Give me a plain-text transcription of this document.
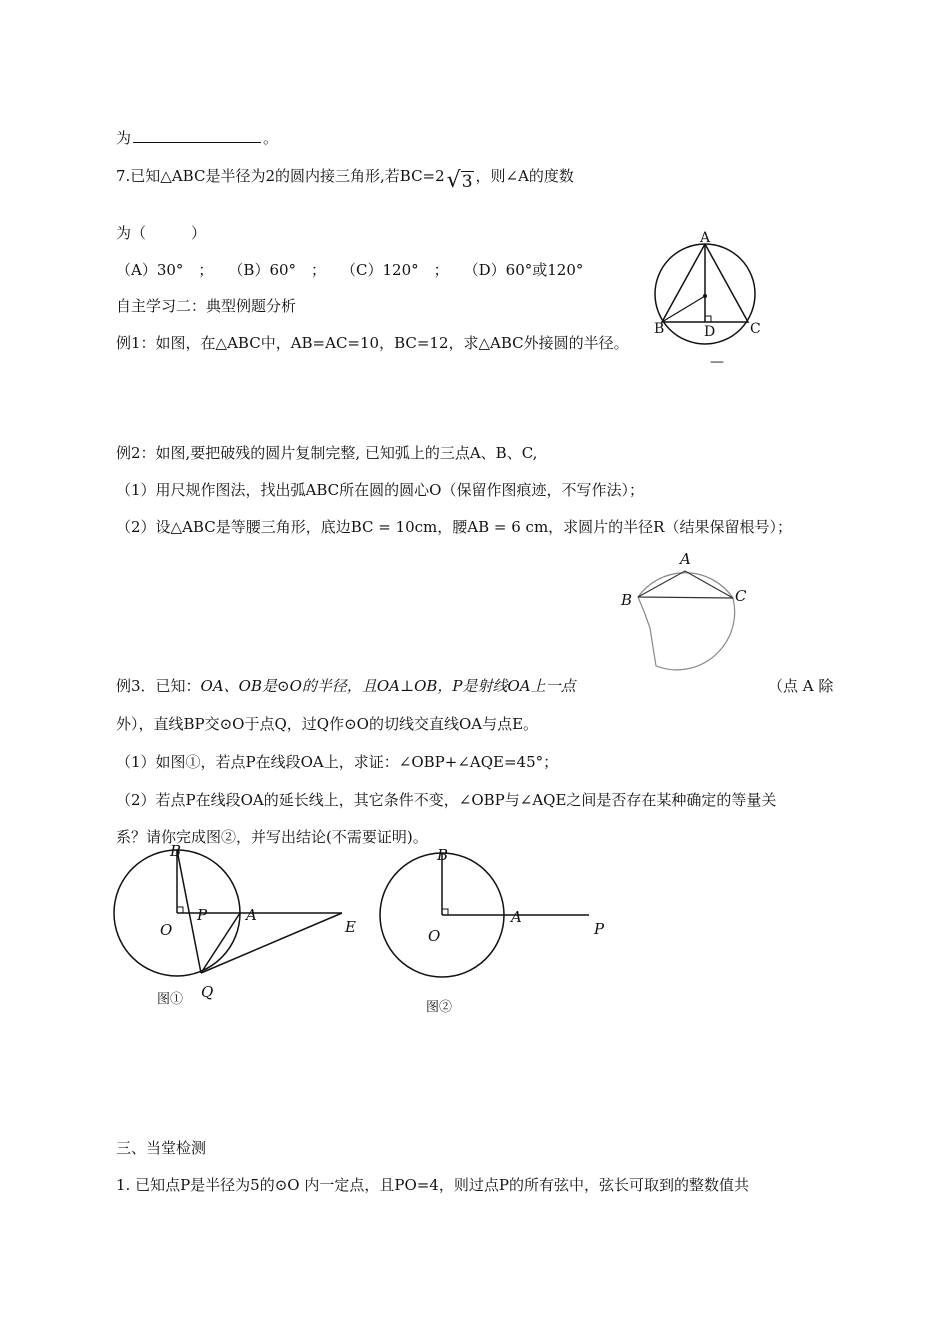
为	。
7.已知△ABC是半径为2的圆内接三角形,若BC=2√3 ，则∠A的度数
为（　　　）
（A）30°　；　　（B）60°　；　　（C）120°　；　　（D）60°或120°
自主学习二：典型例题分析
例1：如图，在△ABC中，AB=AC=10，BC=12，求△ABC外接圆的半径。
A
B	C
D
—
例2：如图,要把破残的圆片复制完整, 已知弧上的三点A、B、C,
（1）用尺规作图法，找出弧ABC所在圆的圆心O（保留作图痕迹，不写作法）；
（2）设△ABC是等腰三角形，底边BC = 10cm，腰AB = 6 cm，求圆片的半径R（结果保留根号）；
A
B	C
例3．已知：OA、OB是⊙O的半径，且OA⊥OB，P是射线OA上一点	（点 A 除
外），直线BP交⊙O于点Q，过Q作⊙O的切线交直线OA与点E。
（1）如图①，若点P在线段OA上，求证：∠OBP+∠AQE=45°；
（2）若点P在线段OA的延长线上，其它条件不变，∠OBP与∠AQE之间是否存在某种确定的等量关
系？请你完成图②，并写出结论(不需要证明)。
B
O
P	A
E
Q
图①
B
O
A
P
图②
三、当堂检测
1. 已知点P是半径为5的⊙O 内一定点，且PO=4，则过点P的所有弦中，弦长可取到的整数值共
